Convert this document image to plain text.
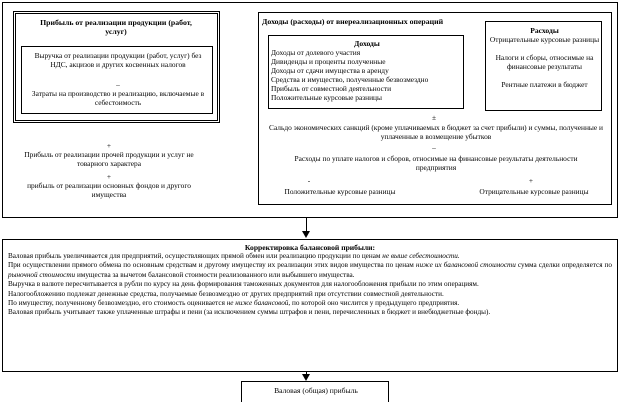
Прибыль от реализации продукции (работ, услуг)
Выручка от реализации продукции (работ, услуг) без НДС, акцизов и других косвенных налогов
–
Затраты на производство и реализацию, включаемые в себестоимость
+
Прибыль от реализации прочей продукции и услуг не товарного характера
+
прибыль от реализации основных фондов и другого имущества
Доходы (расходы) от внереализационных операций
Доходы
Доходы от долевого участия
Дивиденды и проценты полученные
Доходы от сдачи имущества в аренду
Средства и имущество, полученные безвозмездно
Прибыль от совместной деятельности
Положительные курсовые разницы
Расходы
Отрицательные курсовые разницы
Налоги и сборы, относимые на финансовые результаты
Рентные платежи в бюджет
±
Сальдо экономических санкций (кроме уплачиваемых в бюджет за счет прибыли) и суммы, полученные и уплаченные в возмещение убытков
–
Расходы по уплате налогов и сборов, относимые на финансовые результаты деятельности предприятия
-	+
Положительные курсовые разницы	Отрицательные курсовые разницы
Корректировка балансовой прибыли:

Валовая прибыль увеличивается для предприятий, осуществляющих прямой обмен или реализацию продукции по ценам не выше себестоимости.

При осуществлении прямого обмена по основным средствам и другому имуществу их реализации этих видов имущества по ценам ниже их балансовой стоимости сумма сделки определяется по рыночной стоимости имущества за вычетом балансовой стоимости реализованного или выбывшего имущества.

Выручка в валюте пересчитывается в рубли по курсу на день формирования таможенных документов для налогообложения прибыли по этим операциям.

Налогообложению подлежат денежные средства, получаемые безвозмездно от других предприятий при отсутствии совместной деятельности.

По имуществу, полученному безвозмездно, его стоимость оценивается не ниже балансовой, по которой оно числится у предыдущего предприятия.

Валовая прибыль учитывает также уплаченные штрафы и пени (за исключением суммы штрафов и пени, перечисленных в бюджет и внебюджетные фонды).

Валовая (общая) прибыль
